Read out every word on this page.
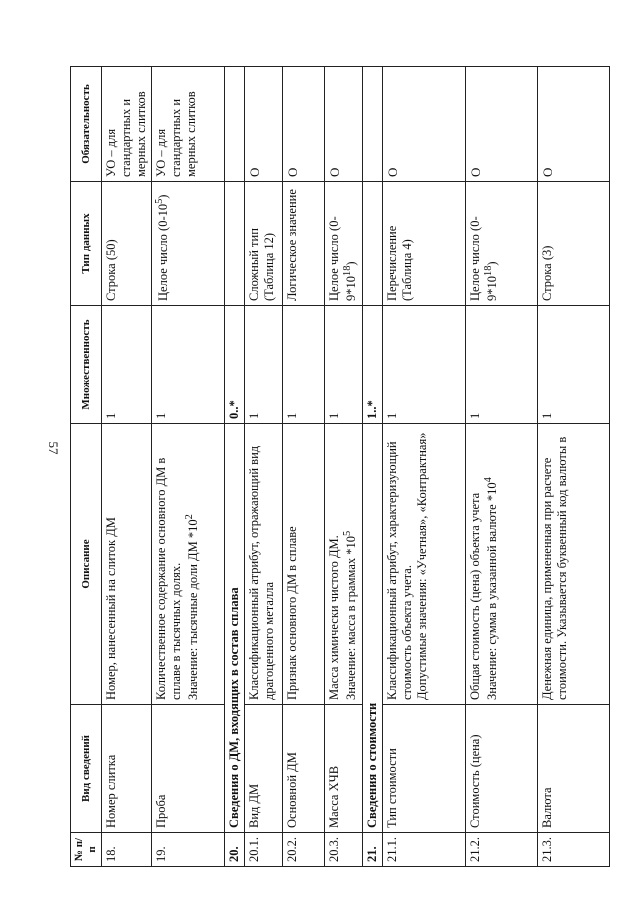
57
№ п/п	Вид сведений	Описание	Множественность	Тип данных	Обязательность
18.	Номер слитка	Номер, нанесенный на слиток ДМ	1	Строка (50)	УО – для стандартных и мерных слитков
19.	Проба	Количественное содержание основного ДМ в сплаве в тысячных долях. Значение: тысячные доли ДМ $*10^2$	1	Целое число $(0-10^5)$	УО – для стандартных и мерных слитков
20.	Сведения о ДМ, входящих в состав сплава		0..*		
20.1.	Вид ДМ	Классификационный атрибут, отражающий вид драгоценного металла	1	Сложный тип (Таблица 12)	О
20.2.	Основной ДМ	Признак основного ДМ в сплаве	1	Логическое значение	О
20.3.	Масса ХЧВ	Масса химически чистого ДМ. Значение: масса в граммах $*10^5$	1	Целое число $(0-9*10^{18})$	О
21.	Сведения о стоимости		1..*		
21.1.	Тип стоимости	Классификационный атрибут, характеризующий стоимость объекта учета. Допустимые значения: «Учетная», «Контрактная»	1	Перечисление (Таблица 4)	О
21.2.	Стоимость (цена)	Общая стоимость (цена) объекта учета Значение: сумма в указанной валюте $*10^4$	1	Целое число $(0-9*10^{18})$	О
21.3.	Валюта	Денежная единица, примененная при расчете стоимости. Указывается буквенный код валюты в	1	Строка (3)	О
